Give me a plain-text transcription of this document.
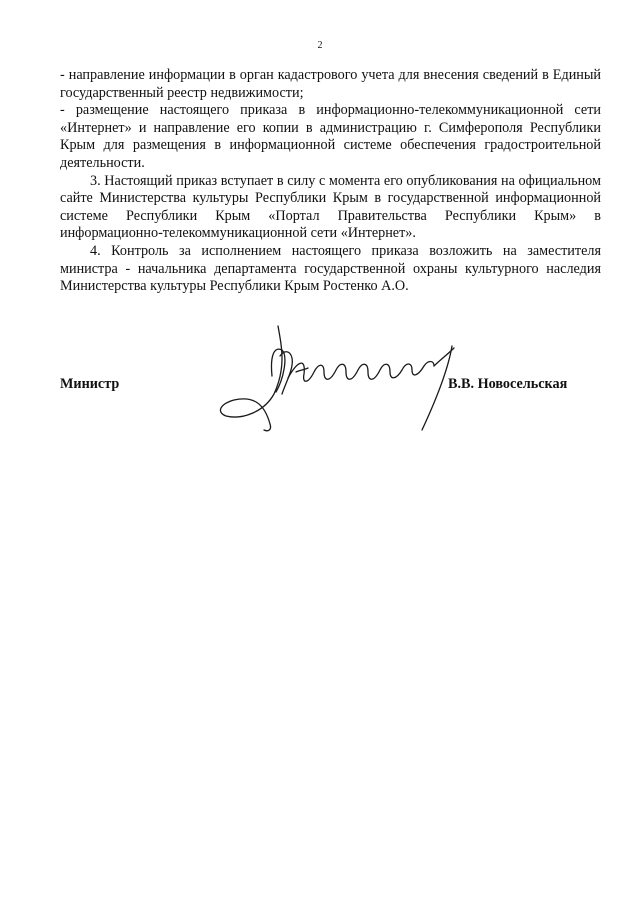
2

- направление информации в орган кадастрового учета для внесения сведений в Единый государственный реестр недвижимости;

- размещение настоящего приказа в информационно-телекоммуникационной сети «Интернет» и направление его копии в администрацию г. Симферополя Республики Крым для размещения в информационной системе обеспечения градостроительной деятельности.

3. Настоящий приказ вступает в силу с момента его опубликования на официальном сайте Министерства культуры Республики Крым в государственной информационной системе Республики Крым «Портал Правительства Республики Крым» в информационно-телекоммуникационной сети «Интернет».

4. Контроль за исполнением настоящего приказа возложить на заместителя министра - начальника департамента государственной охраны культурного наследия Министерства культуры Республики Крым Ростенко А.О.

Министр	В.В. Новосельская
